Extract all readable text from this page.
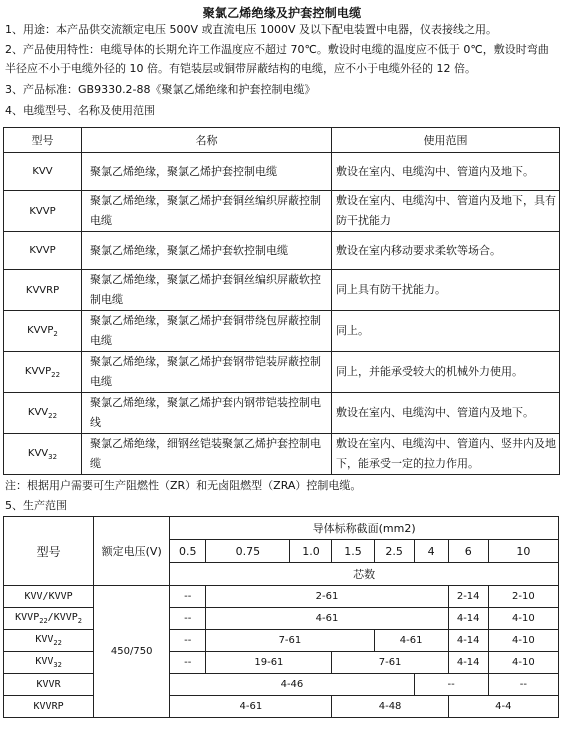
聚氯乙烯绝缘及护套控制电缆
1、用途：本产品供交流额定电压 500V 或直流电压 1000V 及以下配电装置中电器，仪表接线之用。
2、产品使用特性：电缆导体的长期允许工作温度应不超过 70℃。敷设时电缆的温度应不低于 0℃，敷设时弯曲半径应不小于电缆外径的 10 倍。有铠装层或铜带屏蔽结构的电缆，应不小于电缆外径的 12 倍。
3、产品标准：GB9330.2-88《聚氯乙烯绝缘和护套控制电缆》
4、电缆型号、名称及使用范围
型号	名称	使用范围
KVV	聚氯乙烯绝缘，聚氯乙烯护套控制电缆	敷设在室内、电缆沟中、管道内及地下。
KVVP	聚氯乙烯绝缘，聚氯乙烯护套铜丝编织屏蔽控制电缆	敷设在室内、电缆沟中、管道内及地下，具有防干扰能力
KVVP	聚氯乙烯绝缘，聚氯乙烯护套软控制电缆	敷设在室内移动要求柔软等场合。
KVVRP	聚氯乙烯绝缘，聚氯乙烯护套铜丝编织屏蔽软控制电缆	同上具有防干扰能力。
$KVVP_2$	聚氯乙烯绝缘，聚氯乙烯护套铜带绕包屏蔽控制电缆	同上。
$KVVP_{22}$	聚氯乙烯绝缘，聚氯乙烯护套钢带铠装屏蔽控制电缆	同上，并能承受较大的机械外力使用。
$KVV_{22}$	聚氯乙烯绝缘，聚氯乙烯护套内钢带铠装控制电线	敷设在室内、电缆沟中、管道内及地下。
$KVV_{32}$	聚氯乙烯绝缘，细钢丝铠装聚氯乙烯护套控制电缆	敷设在室内、电缆沟中、管道内、竖井内及地下，能承受一定的拉力作用。
注：根据用户需要可生产阻燃性（ZR）和无卤阻燃型（ZRA）控制电缆。
5、生产范围
型号	额定电压(V)	导体标称截面(mm2)							
		0.5	0.75	1.0	1.5	2.5	4	6	10
		芯数							
KVV/KVVP	450/750	--	2-61					2-14	2-10
$KVVP_{22}/KVVP_2$		--	4-61					4-14	4-10
$KVV_{22}$		--	7-61			4-61		4-14	4-10
$KVV_{32}$		--	19-61		7-61			4-14	4-10
KVVR		4-46					--		--
KVVRP		4-61			4-48			4-4	
